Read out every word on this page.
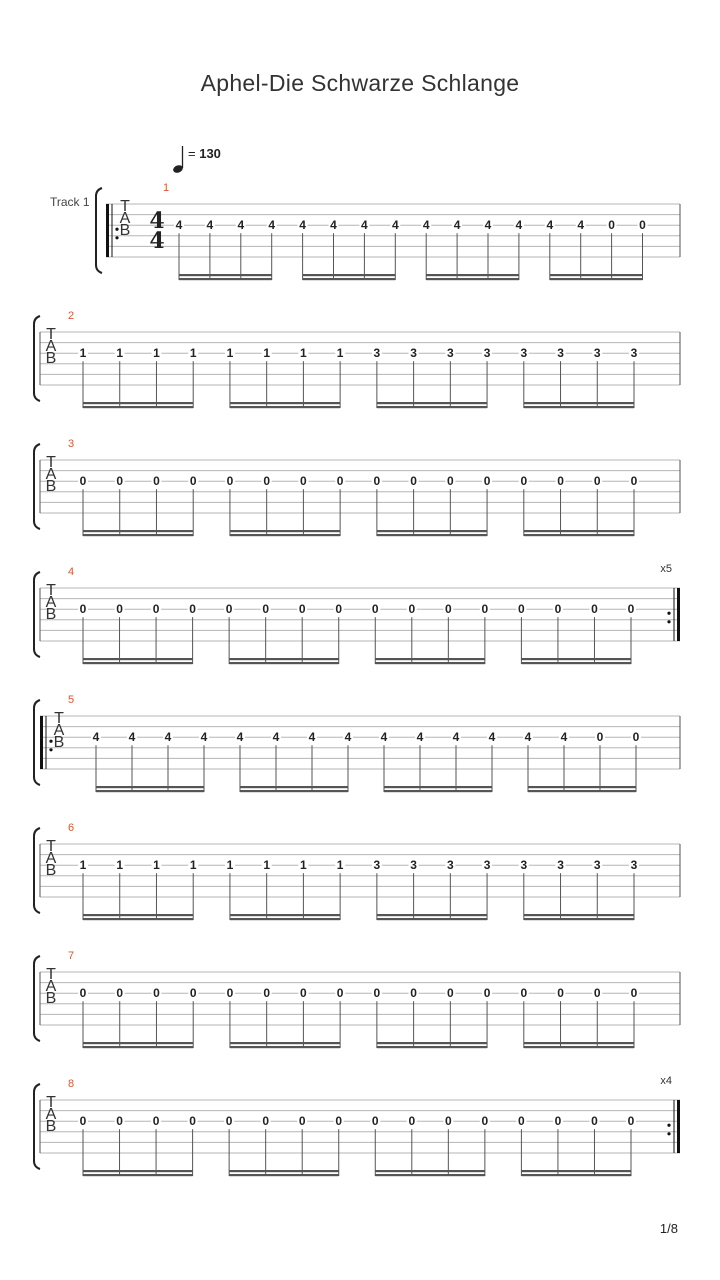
Aphel-Die Schwarze Schlange
= 130
Track 1
1
T
A
B 4
4
4 4 4 4 4 4 4 4 4 4 4 4 4 4 0 0
2
T
A
B 1	1	1	1	1	1	1	1	3	3	3	3	3	3	3	3
3
T
A
B 0	0	0	0	0	0	0	0	0	0	0	0	0	0	0	0
4
T
A
B
x5
0 0 0 0 0 0 0 0 0 0 0 0 0 0 0 0
5
T
A
B 4 4 4 4 4 4 4 4 4 4 4 4 4 4 0 0
6
T
A
B 1	1	1	1	1	1	1	1	3	3	3	3	3	3	3	3
7
T
A
B 0	0	0	0	0	0	0	0	0	0	0	0	0	0	0	0
8
T
A
B
x4
0 0 0 0 0 0 0 0 0 0 0 0 0 0 0 0
1/8
